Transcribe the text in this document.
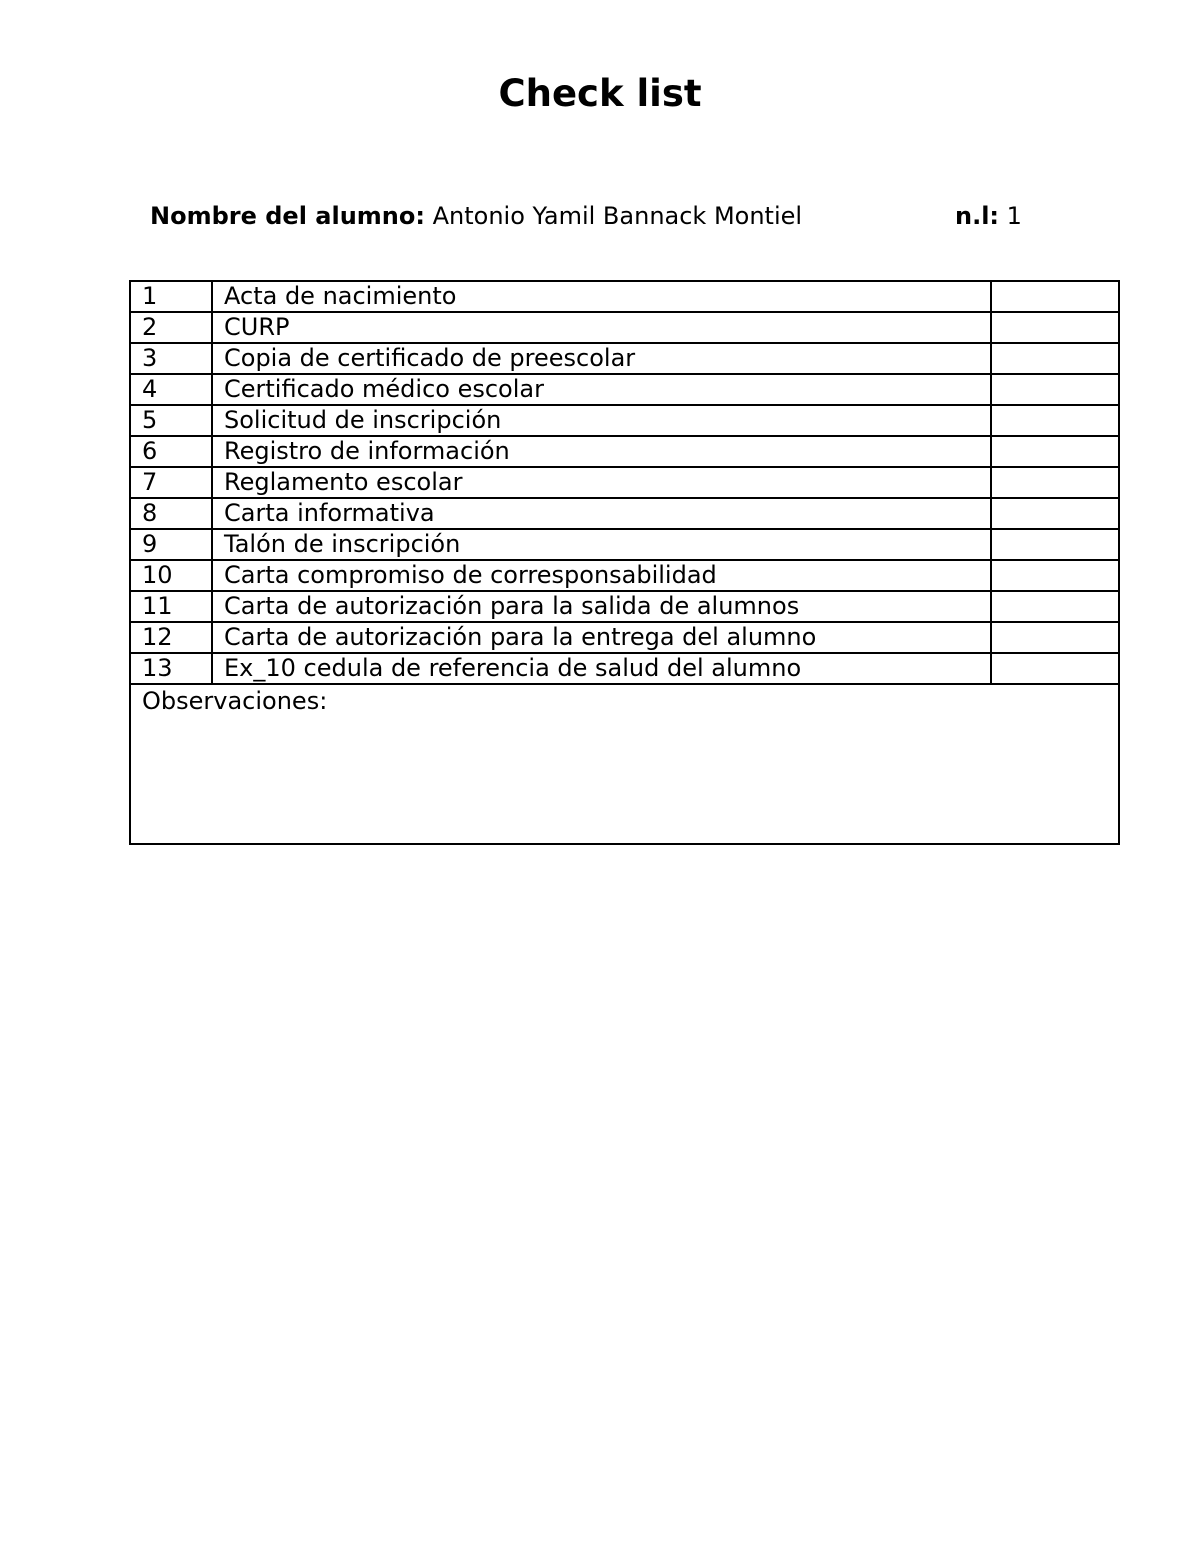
Check list
Nombre del alumno: Antonio Yamil Bannack Montiel	n.l: 1
1	Acta de nacimiento	
2	CURP	
3	Copia de certificado de preescolar	
4	Certificado médico escolar	
5	Solicitud de inscripción	
6	Registro de información	
7	Reglamento escolar	
8	Carta informativa	
9	Talón de inscripción	
10	Carta compromiso de corresponsabilidad	
11	Carta de autorización para la salida de alumnos	
12	Carta de autorización para la entrega del alumno	
13	Ex_10 cedula de referencia de salud del alumno	
Observaciones:		
